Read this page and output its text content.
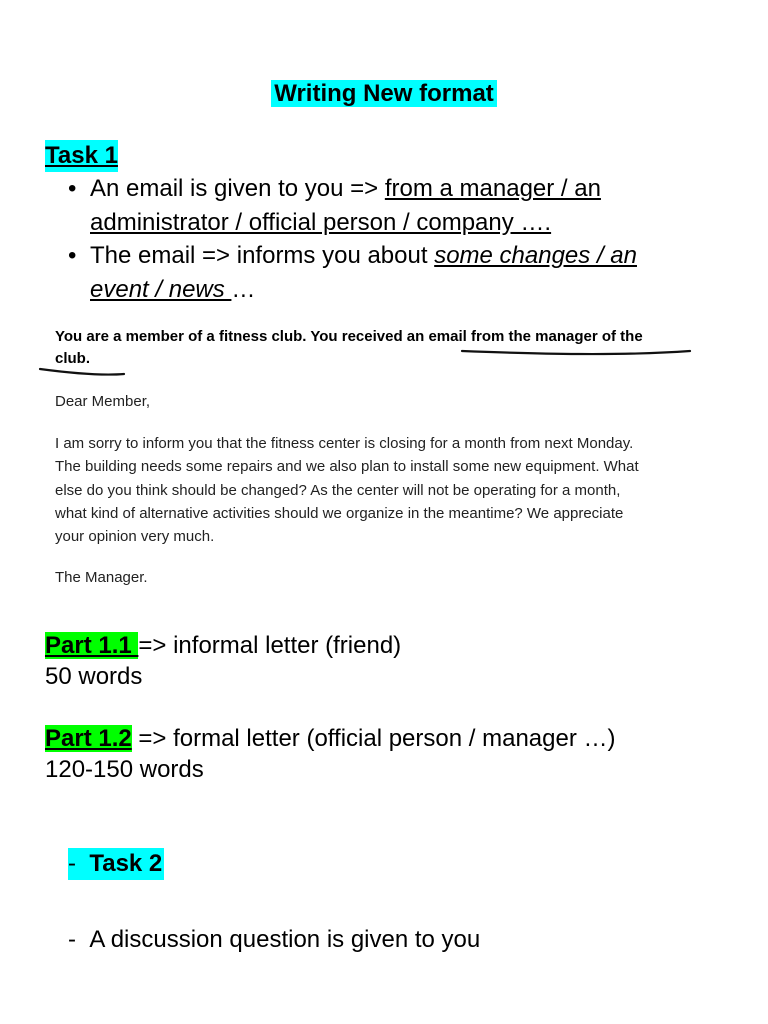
Writing New format
Task 1
• An email is given to you => from a manager / an
administrator / official person / company ….
• The email => informs you about some changes / an
event / news …
You are a member of a fitness club. You received an email from the manager of the
club.
Dear Member,
I am sorry to inform you that the fitness center is closing for a month from next Monday.
The building needs some repairs and we also plan to install some new equipment. What
else do you think should be changed? As the center will not be operating for a month,
what kind of alternative activities should we organize in the meantime? We appreciate
your opinion very much.
The Manager.
Part 1.1 => informal letter (friend)
50 words
Part 1.2 => formal letter (official person / manager …)
120-150 words
- Task 2
- A discussion question is given to you
